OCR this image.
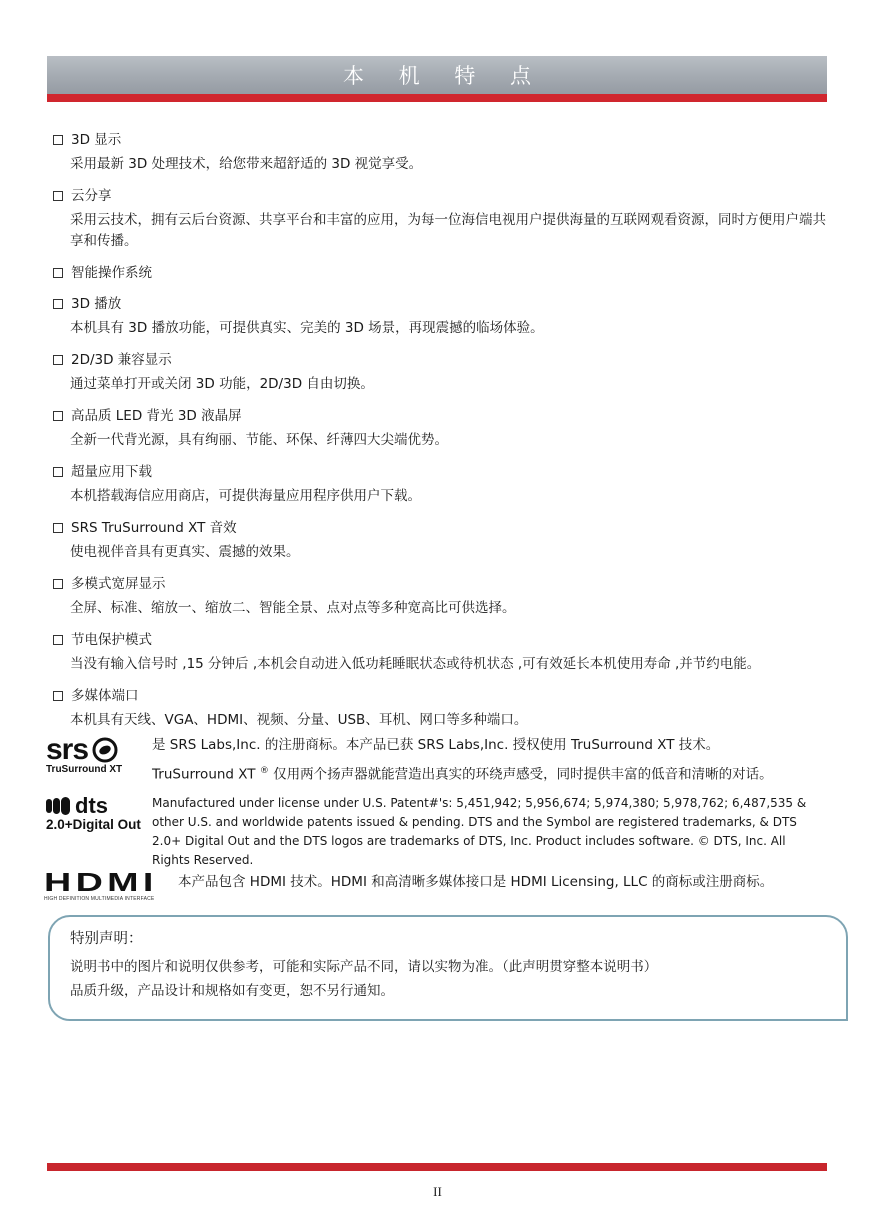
本 机 特 点
3D 显示
采用最新 3D 处理技术，给您带来超舒适的 3D 视觉享受。
云分享
采用云技术，拥有云后台资源、共享平台和丰富的应用，为每一位海信电视用户提供海量的互联网观看资源，同时方便用户端共享和传播。
智能操作系统
3D 播放
本机具有 3D 播放功能，可提供真实、完美的 3D 场景，再现震撼的临场体验。
2D/3D 兼容显示
通过菜单打开或关闭 3D 功能，2D/3D 自由切换。
高品质 LED 背光 3D 液晶屏
全新一代背光源，具有绚丽、节能、环保、纤薄四大尖端优势。
超量应用下载
本机搭载海信应用商店，可提供海量应用程序供用户下载。
SRS TruSurround XT 音效
使电视伴音具有更真实、震撼的效果。
多模式宽屏显示
全屏、标准、缩放一、缩放二、智能全景、点对点等多种宽高比可供选择。
节电保护模式
当没有输入信号时 ,15 分钟后 ,本机会自动进入低功耗睡眠状态或待机状态 ,可有效延长本机使用寿命 ,并节约电能。
多媒体端口
本机具有天线、VGA、HDMI、视频、分量、USB、耳机、网口等多种端口。
srs
TruSurround XT
是 SRS Labs,Inc. 的注册商标。本产品已获 SRS Labs,Inc. 授权使用 TruSurround XT 技术。
TruSurround XT ® 仅用两个扬声器就能营造出真实的环绕声感受，同时提供丰富的低音和清晰的对话。
dts
2.0+Digital Out
Manufactured under license under U.S. Patent#'s: 5,451,942; 5,956,674; 5,974,380; 5,978,762; 6,487,535 & other U.S. and worldwide patents issued & pending. DTS and the Symbol are registered trademarks, & DTS 2.0+ Digital Out and the DTS logos are trademarks of DTS, Inc. Product includes software. © DTS, Inc. All Rights Reserved.
HDMI
HIGH DEFINITION MULTIMEDIA INTERFACE
本产品包含 HDMI 技术。HDMI 和高清晰多媒体接口是 HDMI Licensing, LLC 的商标或注册商标。
特别声明：
说明书中的图片和说明仅供参考，可能和实际产品不同，请以实物为准。（此声明贯穿整本说明书）
品质升级，产品设计和规格如有变更，恕不另行通知。
II
